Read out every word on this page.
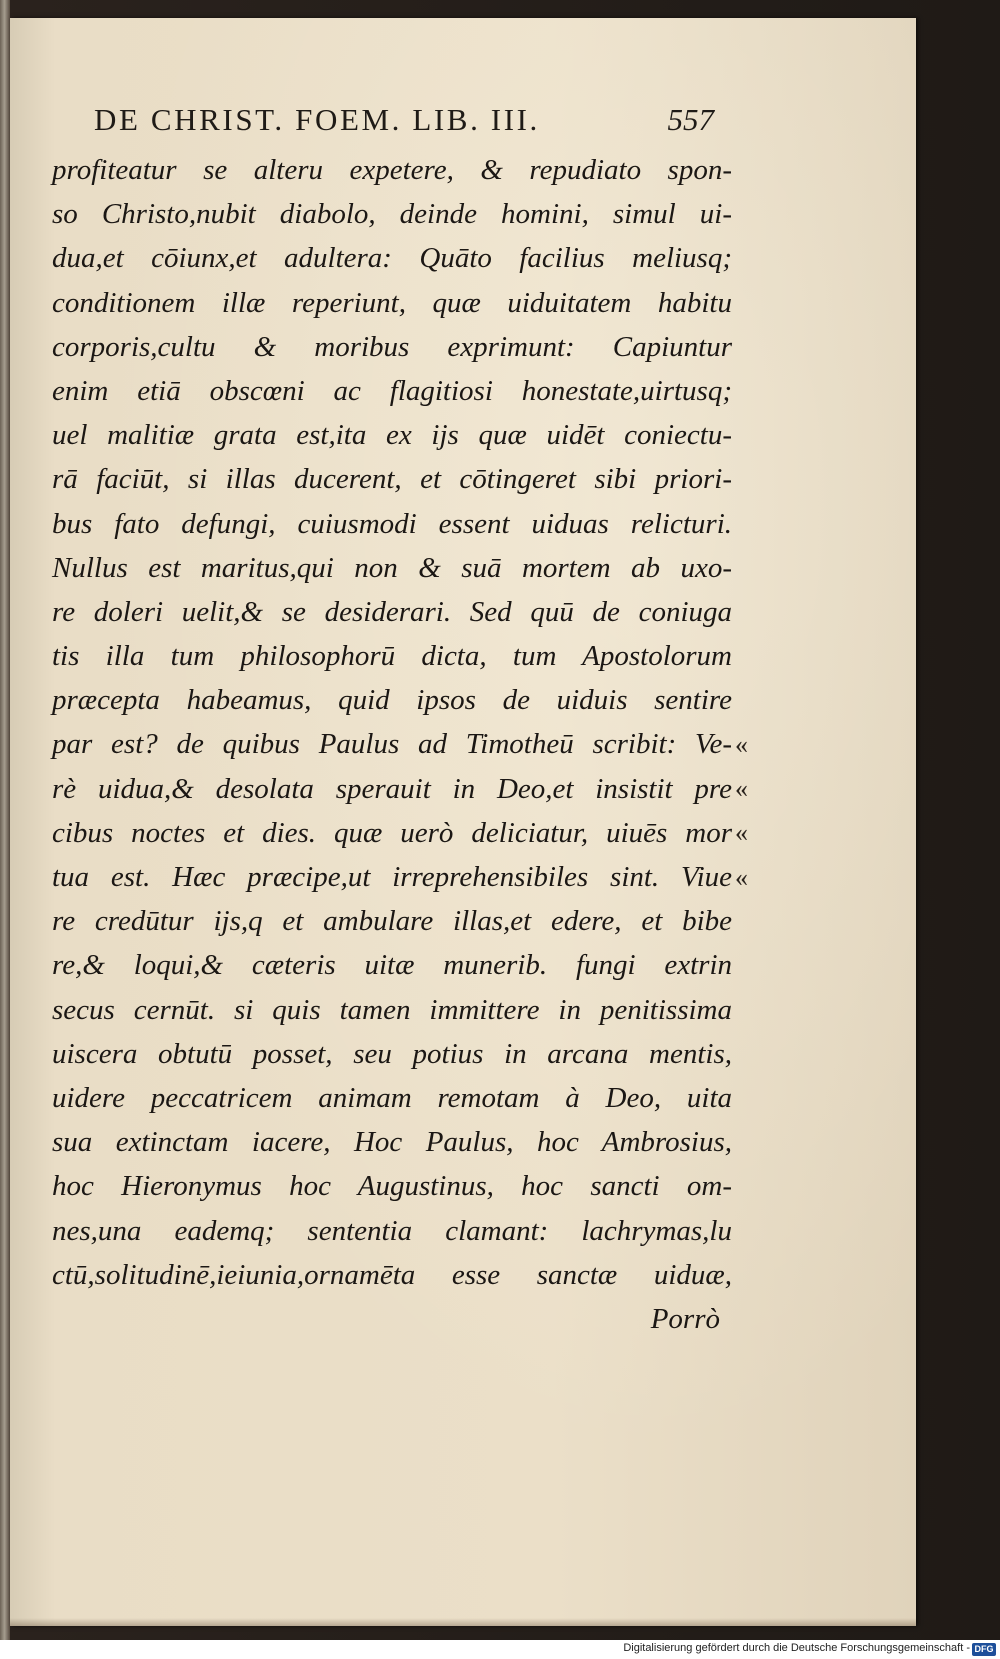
DE CHRIST. FOEM. LIB. III.	557
profiteatur se alteru expetere, & repudiato spon-
so Christo,nubit diabolo, deinde homini, simul ui-
dua,et cōiunx,et adultera: Quāto facilius meliusq;
conditionem illæ reperiunt, quæ uiduitatem habitu
corporis,cultu & moribus exprimunt: Capiuntur
enim etiā obscœni ac flagitiosi honestate,uirtusq;
uel malitiæ grata est,ita ex ijs quæ uidēt coniectu-
rā faciūt, si illas ducerent, et cōtingeret sibi priori-
bus fato defungi, cuiusmodi essent uiduas relicturi.
Nullus est maritus,qui non & suā mortem ab uxo-
re doleri uelit,& se desiderari. Sed quū de coniuga
tis illa tum philosophorū dicta, tum Apostolorum
præcepta habeamus, quid ipsos de uiduis sentire
par est? de quibus Paulus ad Timotheū scribit: Ve-
rè uidua,& desolata sperauit in Deo,et insistit pre
cibus noctes et dies. quæ uerò deliciatur, uiuēs mor
tua est. Hæc præcipe,ut irreprehensibiles sint. Viue
re credūtur ijs,q et ambulare illas,et edere, et bibe
re,& loqui,& cæteris uitæ munerib. fungi extrin
secus cernūt. si quis tamen immittere in penitissima
uiscera obtutū posset, seu potius in arcana mentis,
uidere peccatricem animam remotam à Deo, uita
sua extinctam iacere, Hoc Paulus, hoc Ambrosius,
hoc Hieronymus hoc Augustinus, hoc sancti om-
nes,una eademq; sententia clamant: lachrymas,lu
ctū,solitudinē,ieiunia,ornamēta esse sanctæ uiduæ,
Porrò
«
«
«
«
Digitalisierung gefördert durch die Deutsche Forschungsgemeinschaft - DFG
